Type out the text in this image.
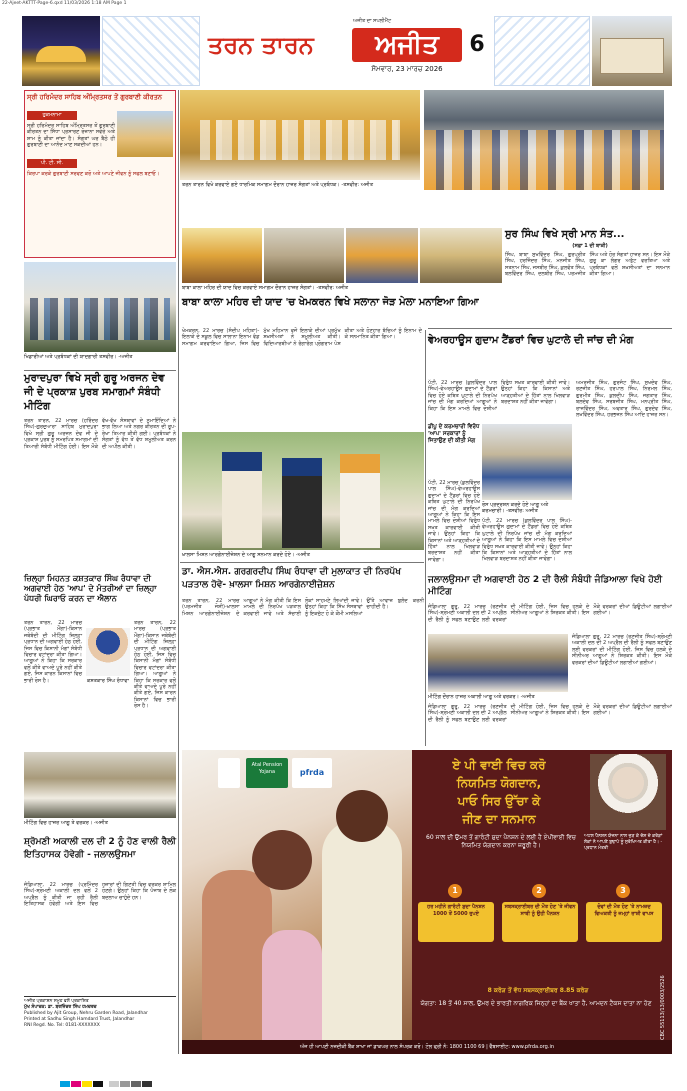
22-Ajeet-AKTTT-Page-6.qxd 11/03/2026 1:18 AM Page 1
ਅਜੀਤ ਦਾ ਸਪਲੀਮੈਂਟ
ਤਰਨ ਤਾਰਨ	ਅਜੀਤ
ਸੋਮਵਾਰ, 23 ਮਾਰਚ 2026
6
ਸ੍ਰੀ ਹਰਿਮੰਦਰ ਸਾਹਿਬ ਅੰਮ੍ਰਿਤਸਰ ਤੋਂ ਗੁਰਬਾਣੀ ਕੀਰਤਨ
ਹੁਕਮਨਾਮਾ
ਪੀ. ਟੀ. ਸੀ.
ਸ੍ਰੀ ਹਰਿਮੰਦਰ ਸਾਹਿਬ ਅੰਮ੍ਰਿਤਸਰ ਤੋਂ ਗੁਰਬਾਣੀ ਕੀਰਤਨ ਦਾ ਸਿੱਧਾ ਪ੍ਰਸਾਰਣ ਰੋਜ਼ਾਨਾ ਸਵੇਰੇ ਅਤੇ ਸ਼ਾਮ ਨੂੰ ਕੀਤਾ ਜਾਂਦਾ ਹੈ। ਸੰਗਤਾਂ ਘਰ ਬੈਠੇ ਹੀ ਗੁਰਬਾਣੀ ਦਾ ਆਨੰਦ ਮਾਣ ਸਕਦੀਆਂ ਹਨ।
ਕਿਰਪਾ ਕਰਕੇ ਗੁਰਬਾਣੀ ਸਰਵਣ ਕਰੋ ਅਤੇ ਆਪਣੇ ਜੀਵਨ ਨੂੰ ਸਫਲ ਬਣਾਓ।
ਤਰਨ ਤਾਰਨ ਵਿਖੇ ਕਰਵਾਏ ਗਏ ਧਾਰਮਿਕ ਸਮਾਗਮ ਦੌਰਾਨ ਹਾਜ਼ਰ ਸੰਗਤਾਂ ਅਤੇ ਪ੍ਰਬੰਧਕ। -ਤਸਵੀਰ: ਅਜੀਤ
ਸੁਰ ਸਿੰਘ ਵਿਖੇ ਸ੍ਰੀ ਮਾਨ ਸੰਤ...
(ਸਫ਼ਾ 1 ਦੀ ਬਾਕੀ)
ਸਿੰਘ, ਬਾਬਾ ਸੁਖਵਿੰਦਰ ਸਿੰਘ, ਗੁਰਪ੍ਰੀਤ ਸਿੰਘ, ਹਰਜਿੰਦਰ ਸਿੰਘ, ਮਨਜੀਤ ਸਿੰਘ, ਸਤਨਾਮ ਸਿੰਘ, ਜਸਬੀਰ ਸਿੰਘ, ਕੁਲਵੰਤ ਸਿੰਘ, ਬਲਵਿੰਦਰ ਸਿੰਘ, ਦਲਬੀਰ ਸਿੰਘ, ਪਰਮਜੀਤ ਸਿੰਘ ਅਤੇ ਹੋਰ ਸੰਗਤਾਂ ਹਾਜ਼ਰ ਸਨ। ਇਸ ਮੌਕੇ ਗੁਰੂ ਕਾ ਲੰਗਰ ਅਤੁੱਟ ਵਰਤਿਆ ਅਤੇ ਪ੍ਰਬੰਧਕਾਂ ਵਲੋਂ ਸ਼ਖ਼ਸੀਅਤਾਂ ਦਾ ਸਨਮਾਨ ਕੀਤਾ ਗਿਆ।
ਬਾਬਾ ਕਾਲਾ ਮਹਿਰ ਦੀ ਯਾਦ ਵਿਚ ਕਰਵਾਏ ਸਮਾਗਮ ਦੌਰਾਨ ਹਾਜ਼ਰ ਸੰਗਤਾਂ। -ਤਸਵੀਰ: ਅਜੀਤ
ਬਾਬਾ ਕਾਲਾ ਮਹਿਰ ਦੀ ਯਾਦ 'ਚ ਖੇਮਕਰਨ ਵਿਖੇ ਸਲਾਨਾ ਜੋੜ ਮੇਲਾ ਮਨਾਇਆ ਗਿਆ
ਖਿਡਾਰੀਆਂ ਅਤੇ ਪ੍ਰਬੰਧਕਾਂ ਦੀ ਯਾਦਗਾਰੀ ਤਸਵੀਰ। -ਅਜੀਤ
ਮੁਰਾਦਪੁਰਾ ਵਿਖੇ ਸ੍ਰੀ ਗੁਰੂ ਅਰਜਨ ਦੇਵ ਜੀ ਦੇ ਪ੍ਰਕਾਸ਼ ਪੁਰਬ ਸਮਾਗਮਾਂ ਸੰਬੰਧੀ ਮੀਟਿੰਗ
ਤਰਨ ਤਾਰਨ, 22 ਮਾਰਚ (ਹਰਿੰਦਰ ਸਿੰਘ)-ਗੁਰਦੁਆਰਾ ਸਾਹਿਬ ਮੁਰਾਦਪੁਰਾ ਵਿਖੇ ਸ੍ਰੀ ਗੁਰੂ ਅਰਜਨ ਦੇਵ ਜੀ ਦੇ ਪ੍ਰਕਾਸ਼ ਪੁਰਬ ਨੂੰ ਸਮਰਪਿਤ ਸਮਾਗਮਾਂ ਦੀ ਤਿਆਰੀ ਸੰਬੰਧੀ ਮੀਟਿੰਗ ਹੋਈ। ਇਸ ਮੌਕੇ ਵੱਖ-ਵੱਖ ਸੰਸਥਾਵਾਂ ਦੇ ਨੁਮਾਇੰਦਿਆਂ ਨੇ ਭਾਗ ਲਿਆ ਅਤੇ ਨਗਰ ਕੀਰਤਨ ਦੀ ਰੂਪ-ਰੇਖਾ ਤਿਆਰ ਕੀਤੀ ਗਈ। ਪ੍ਰਬੰਧਕਾਂ ਨੇ ਸੰਗਤਾਂ ਨੂੰ ਵੱਧ ਤੋਂ ਵੱਧ ਸ਼ਮੂਲੀਅਤ ਕਰਨ ਦੀ ਅਪੀਲ ਕੀਤੀ।
ਜ਼ਿਲ੍ਹਾ ਮਿਹਨਤ ਕਸ਼ਤਕਾਰ ਸਿੰਘ ਰੰਧਾਵਾ ਦੀ ਅਗਵਾਈ ਹੇਠ 'ਆਪ' ਦੇ ਮੰਤਰੀਆਂ ਦਾ ਜ਼ਿਲ੍ਹਾ ਪੱਧਰੀ ਘਿਰਾਓ ਕਰਨ ਦਾ ਐਲਾਨ
ਤਰਨ ਤਾਰਨ, 22 ਮਾਰਚ (ਪ੍ਰਭਾਤ ਮੌਂਗਾ)-ਕਿਸਾਨ ਜਥੇਬੰਦੀ ਦੀ ਮੀਟਿੰਗ ਜ਼ਿਲ੍ਹਾ ਪ੍ਰਧਾਨ ਦੀ ਅਗਵਾਈ ਹੇਠ ਹੋਈ, ਜਿਸ ਵਿਚ ਕਿਸਾਨੀ ਮੰਗਾਂ ਸੰਬੰਧੀ ਵਿਚਾਰ ਵਟਾਂਦਰਾ ਕੀਤਾ ਗਿਆ। ਆਗੂਆਂ ਨੇ ਕਿਹਾ ਕਿ ਸਰਕਾਰ ਵਲੋਂ ਕੀਤੇ ਵਾਅਦੇ ਪੂਰੇ ਨਹੀਂ ਕੀਤੇ ਗਏ, ਜਿਸ ਕਾਰਨ ਕਿਸਾਨਾਂ ਵਿਚ ਭਾਰੀ ਰੋਸ ਹੈ।	ਕਸ਼ਤਕਾਰ ਸਿੰਘ ਰੰਧਾਵਾ
ਤਰਨ ਤਾਰਨ, 22 ਮਾਰਚ (ਪ੍ਰਭਾਤ ਮੌਂਗਾ)-ਕਿਸਾਨ ਜਥੇਬੰਦੀ ਦੀ ਮੀਟਿੰਗ ਜ਼ਿਲ੍ਹਾ ਪ੍ਰਧਾਨ ਦੀ ਅਗਵਾਈ ਹੇਠ ਹੋਈ, ਜਿਸ ਵਿਚ ਕਿਸਾਨੀ ਮੰਗਾਂ ਸੰਬੰਧੀ ਵਿਚਾਰ ਵਟਾਂਦਰਾ ਕੀਤਾ ਗਿਆ। ਆਗੂਆਂ ਨੇ ਕਿਹਾ ਕਿ ਸਰਕਾਰ ਵਲੋਂ ਕੀਤੇ ਵਾਅਦੇ ਪੂਰੇ ਨਹੀਂ ਕੀਤੇ ਗਏ, ਜਿਸ ਕਾਰਨ ਕਿਸਾਨਾਂ ਵਿਚ ਭਾਰੀ ਰੋਸ ਹੈ।
ਖੇਮਕਰਨ, 22 ਮਾਰਚ (ਸੰਦੀਪ ਮਹਿਤਾ)-ਇਲਾਕੇ ਦੇ ਸਕੂਲ ਵਿਚ ਸਾਲਾਨਾ ਇਨਾਮ ਵੰਡ ਸਮਾਗਮ ਕਰਵਾਇਆ ਗਿਆ, ਜਿਸ ਵਿਚ ਮੁੱਖ ਮਹਿਮਾਨ ਵਜੋਂ ਇਲਾਕੇ ਦੀਆਂ ਪ੍ਰਮੁੱਖ ਸ਼ਖ਼ਸੀਅਤਾਂ ਨੇ ਸ਼ਮੂਲੀਅਤ ਕੀਤੀ। ਵਿਦਿਆਰਥੀਆਂ ਨੇ ਰੰਗਾਰੰਗ ਪ੍ਰੋਗਰਾਮ ਪੇਸ਼ ਕੀਤਾ ਅਤੇ ਹੋਣਹਾਰ ਬੱਚਿਆਂ ਨੂੰ ਇਨਾਮ ਦੇ ਕੇ ਸਨਮਾਨਿਤ ਕੀਤਾ ਗਿਆ।
ਖ਼ਾਲਸਾ ਮਿਸ਼ਨ ਆਰਗੇਨਾਈਜ਼ੇਸ਼ਨ ਦੇ ਆਗੂ ਸਨਮਾਨ ਕਰਦੇ ਹੋਏ। -ਅਜੀਤ
ਵੇਅਰਹਾਊਸ ਗੁਦਾਮ ਟੈਂਡਰਾਂ ਵਿਚ ਘੁਟਾਲੇ ਦੀ ਜਾਂਚ ਦੀ ਮੰਗ
ਪੱਟੀ, 22 ਮਾਰਚ (ਕੁਲਵਿੰਦਰ ਪਾਲ ਸਿੰਘ)-ਵੇਅਰਹਾਊਸ ਗੁਦਾਮਾਂ ਦੇ ਟੈਂਡਰਾਂ ਵਿਚ ਹੋਏ ਕਥਿਤ ਘੁਟਾਲੇ ਦੀ ਨਿਰਪੱਖ ਜਾਂਚ ਦੀ ਮੰਗ ਕਰਦਿਆਂ ਆਗੂਆਂ ਨੇ ਕਿਹਾ ਕਿ ਇਸ ਮਾਮਲੇ ਵਿਚ ਦੋਸ਼ੀਆਂ ਵਿਰੁੱਧ ਸਖ਼ਤ ਕਾਰਵਾਈ ਕੀਤੀ ਜਾਵੇ। ਉਨ੍ਹਾਂ ਕਿਹਾ ਕਿ ਕਿਸਾਨਾਂ ਅਤੇ ਆੜ੍ਹਤੀਆਂ ਦੇ ਹਿੱਤਾਂ ਨਾਲ ਖਿਲਵਾੜ ਬਰਦਾਸ਼ਤ ਨਹੀਂ ਕੀਤਾ ਜਾਵੇਗਾ।
ਡੀਪੂ ਦੇ ਕਰਮਚਾਰੀ ਵਿਰੋਧ 'ਆਪ' ਸਰਕਾਰਾਂ ਨੂੰ ਜਿਤਾਉਣ ਦੀ ਕੀਤੀ ਮੰਗ
ਅਮਰਜੀਤ ਸਿੰਘ, ਗੁਰਜੰਟ ਸਿੰਘ, ਸੁਖਦੇਵ ਸਿੰਘ, ਰਣਜੀਤ ਸਿੰਘ, ਹਰਪਾਲ ਸਿੰਘ, ਨਿਰਮਲ ਸਿੰਘ, ਗੁਰਮੀਤ ਸਿੰਘ, ਕੁਲਦੀਪ ਸਿੰਘ, ਜਗਤਾਰ ਸਿੰਘ, ਬਲਦੇਵ ਸਿੰਘ, ਸਰਬਜੀਤ ਸਿੰਘ, ਮਨਪ੍ਰੀਤ ਸਿੰਘ, ਰਾਜਵਿੰਦਰ ਸਿੰਘ, ਅਵਤਾਰ ਸਿੰਘ, ਗੁਰਦੇਵ ਸਿੰਘ, ਲਖਵਿੰਦਰ ਸਿੰਘ, ਹਰਭਜਨ ਸਿੰਘ ਆਦਿ ਹਾਜ਼ਰ ਸਨ।
ਪੱਟੀ, 22 ਮਾਰਚ (ਕੁਲਵਿੰਦਰ ਪਾਲ ਸਿੰਘ)-ਵੇਅਰਹਾਊਸ ਗੁਦਾਮਾਂ ਦੇ ਟੈਂਡਰਾਂ ਵਿਚ ਹੋਏ ਕਥਿਤ ਘੁਟਾਲੇ ਦੀ ਨਿਰਪੱਖ ਜਾਂਚ ਦੀ ਮੰਗ ਕਰਦਿਆਂ ਆਗੂਆਂ ਨੇ ਕਿਹਾ ਕਿ ਇਸ ਮਾਮਲੇ ਵਿਚ ਦੋਸ਼ੀਆਂ ਵਿਰੁੱਧ ਸਖ਼ਤ ਕਾਰਵਾਈ ਕੀਤੀ ਜਾਵੇ। ਉਨ੍ਹਾਂ ਕਿਹਾ ਕਿ ਕਿਸਾਨਾਂ ਅਤੇ ਆੜ੍ਹਤੀਆਂ ਦੇ ਹਿੱਤਾਂ ਨਾਲ ਖਿਲਵਾੜ ਬਰਦਾਸ਼ਤ ਨਹੀਂ ਕੀਤਾ ਜਾਵੇਗਾ।
ਰੋਸ ਪ੍ਰਦਰਸ਼ਨ ਕਰਦੇ ਹੋਏ ਆਗੂ ਅਤੇ ਕਰਮਚਾਰੀ। -ਤਸਵੀਰ: ਅਜੀਤ
ਪੱਟੀ, 22 ਮਾਰਚ (ਕੁਲਵਿੰਦਰ ਪਾਲ ਸਿੰਘ)-ਵੇਅਰਹਾਊਸ ਗੁਦਾਮਾਂ ਦੇ ਟੈਂਡਰਾਂ ਵਿਚ ਹੋਏ ਕਥਿਤ ਘੁਟਾਲੇ ਦੀ ਨਿਰਪੱਖ ਜਾਂਚ ਦੀ ਮੰਗ ਕਰਦਿਆਂ ਆਗੂਆਂ ਨੇ ਕਿਹਾ ਕਿ ਇਸ ਮਾਮਲੇ ਵਿਚ ਦੋਸ਼ੀਆਂ ਵਿਰੁੱਧ ਸਖ਼ਤ ਕਾਰਵਾਈ ਕੀਤੀ ਜਾਵੇ। ਉਨ੍ਹਾਂ ਕਿਹਾ ਕਿ ਕਿਸਾਨਾਂ ਅਤੇ ਆੜ੍ਹਤੀਆਂ ਦੇ ਹਿੱਤਾਂ ਨਾਲ ਖਿਲਵਾੜ ਬਰਦਾਸ਼ਤ ਨਹੀਂ ਕੀਤਾ ਜਾਵੇਗਾ।
ਡਾ. ਐਸ.ਐਸ. ਗਰਗਰਦੀਪ ਸਿੰਘ ਰੰਧਾਵਾ ਦੀ ਮੁਲਾਕਾਤ ਦੀ ਨਿਰਪੱਖ ਪੜਤਾਲ ਹੋਵੇ- ਖ਼ਾਲਸਾ ਮਿਸ਼ਨ ਆਰਗੇਨਾਈਜ਼ੇਸ਼ਨ
ਤਰਨ ਤਾਰਨ, 22 ਮਾਰਚ (ਪਰਮਜੀਤ ਜੋਸ਼ੀ)-ਖ਼ਾਲਸਾ ਮਿਸ਼ਨ ਆਰਗੇਨਾਈਜ਼ੇਸ਼ਨ ਦੇ ਆਗੂਆਂ ਨੇ ਮੰਗ ਕੀਤੀ ਕਿ ਇਸ ਮਾਮਲੇ ਦੀ ਨਿਰਪੱਖ ਪੜਤਾਲ ਕਰਵਾਈ ਜਾਵੇ ਅਤੇ ਸੱਚਾਈ ਲੋਕਾਂ ਸਾਹਮਣੇ ਲਿਆਂਦੀ ਜਾਵੇ। ਉਨ੍ਹਾਂ ਕਿਹਾ ਕਿ ਸਿੱਖ ਸੰਸਥਾਵਾਂ ਨੂੰ ਇਕਜੁੱਟ ਹੋ ਕੇ ਕੌਮੀ ਮਸਲਿਆਂ ਉੱਤੇ ਆਵਾਜ਼ ਬੁਲੰਦ ਕਰਨੀ ਚਾਹੀਦੀ ਹੈ।
ਜਲਾਲਉਸਮਾ ਦੀ ਅਗਵਾਈ ਹੇਠ 2 ਦੀ ਰੈਲੀ ਸੰਬੰਧੀ ਜੰਡਿਆਲਾ ਵਿਖੇ ਹੋਈ ਮੀਟਿੰਗ
ਜੰਡਿਆਲਾ ਗੁਰੂ, 22 ਮਾਰਚ (ਰਣਜੀਤ ਸਿੰਘ)-ਸ਼੍ਰੋਮਣੀ ਅਕਾਲੀ ਦਲ ਦੀ 2 ਅਪ੍ਰੈਲ ਦੀ ਰੈਲੀ ਨੂੰ ਸਫਲ ਬਣਾਉਣ ਲਈ ਵਰਕਰਾਂ ਦੀ ਮੀਟਿੰਗ ਹੋਈ, ਜਿਸ ਵਿਚ ਹਲਕੇ ਦੇ ਸੀਨੀਅਰ ਆਗੂਆਂ ਨੇ ਸ਼ਿਰਕਤ ਕੀਤੀ। ਇਸ ਮੌਕੇ ਵਰਕਰਾਂ ਦੀਆਂ ਡਿਊਟੀਆਂ ਲਗਾਈਆਂ ਗਈਆਂ।
ਜੰਡਿਆਲਾ ਗੁਰੂ, 22 ਮਾਰਚ (ਰਣਜੀਤ ਸਿੰਘ)-ਸ਼੍ਰੋਮਣੀ ਅਕਾਲੀ ਦਲ ਦੀ 2 ਅਪ੍ਰੈਲ ਦੀ ਰੈਲੀ ਨੂੰ ਸਫਲ ਬਣਾਉਣ ਲਈ ਵਰਕਰਾਂ ਦੀ ਮੀਟਿੰਗ ਹੋਈ, ਜਿਸ ਵਿਚ ਹਲਕੇ ਦੇ ਸੀਨੀਅਰ ਆਗੂਆਂ ਨੇ ਸ਼ਿਰਕਤ ਕੀਤੀ। ਇਸ ਮੌਕੇ ਵਰਕਰਾਂ ਦੀਆਂ ਡਿਊਟੀਆਂ ਲਗਾਈਆਂ ਗਈਆਂ।
ਮੀਟਿੰਗ ਦੌਰਾਨ ਹਾਜ਼ਰ ਅਕਾਲੀ ਆਗੂ ਅਤੇ ਵਰਕਰ। -ਅਜੀਤ
ਜੰਡਿਆਲਾ ਗੁਰੂ, 22 ਮਾਰਚ (ਰਣਜੀਤ ਸਿੰਘ)-ਸ਼੍ਰੋਮਣੀ ਅਕਾਲੀ ਦਲ ਦੀ 2 ਅਪ੍ਰੈਲ ਦੀ ਰੈਲੀ ਨੂੰ ਸਫਲ ਬਣਾਉਣ ਲਈ ਵਰਕਰਾਂ ਦੀ ਮੀਟਿੰਗ ਹੋਈ, ਜਿਸ ਵਿਚ ਹਲਕੇ ਦੇ ਸੀਨੀਅਰ ਆਗੂਆਂ ਨੇ ਸ਼ਿਰਕਤ ਕੀਤੀ। ਇਸ ਮੌਕੇ ਵਰਕਰਾਂ ਦੀਆਂ ਡਿਊਟੀਆਂ ਲਗਾਈਆਂ ਗਈਆਂ।
ਮੀਟਿੰਗ ਵਿਚ ਹਾਜ਼ਰ ਆਗੂ ਤੇ ਵਰਕਰ। -ਅਜੀਤ
ਸ਼੍ਰੋਮਣੀ ਅਕਾਲੀ ਦਲ ਦੀ 2 ਨੂੰ ਹੋਣ ਵਾਲੀ ਰੈਲੀ ਇਤਿਹਾਸਕ ਹੋਵੇਗੀ - ਜਲਾਲਉਸਮਾ
ਜੰਡਿਆਲਾ, 22 ਮਾਰਚ (ਪ੍ਰਮਿੰਦਰ ਸਿੰਘ)-ਸ਼੍ਰੋਮਣੀ ਅਕਾਲੀ ਦਲ ਵਲੋਂ 2 ਅਪ੍ਰੈਲ ਨੂੰ ਕੀਤੀ ਜਾ ਰਹੀ ਰੈਲੀ ਇਤਿਹਾਸਕ ਹੋਵੇਗੀ ਅਤੇ ਇਸ ਵਿਚ ਹਜ਼ਾਰਾਂ ਦੀ ਗਿਣਤੀ ਵਿਚ ਵਰਕਰ ਸ਼ਾਮਿਲ ਹੋਣਗੇ। ਉਨ੍ਹਾਂ ਕਿਹਾ ਕਿ ਪੰਜਾਬ ਦੇ ਲੋਕ ਬਦਲਾਅ ਚਾਹੁੰਦੇ ਹਨ।
ਅਜੀਤ ਪ੍ਰਕਾਸ਼ਨ ਸਮੂਹ ਵਲੋਂ ਪ੍ਰਕਾਸ਼ਿਤ
ਮੁੱਖ ਸੰਪਾਦਕ: ਡਾ. ਬਰਜਿੰਦਰ ਸਿੰਘ ਹਮਦਰਦ
Published by Ajit Group, Nehru Garden Road, Jalandhar
Printed at Sadhu Singh Hamdard Trust, Jalandhar
RNI Regd. No. Tel: 0181-XXXXXXX
Atal Pension Yojana	pfrda
ਏ ਪੀ ਵਾਈ ਵਿਚ ਕਰੋ
ਨਿਯਮਿਤ ਯੋਗਦਾਨ,
ਪਾਓ ਸਿਰ ਉੱਚਾ ਕੇ
ਜੀਣ ਦਾ ਸਨਮਾਨ
ਅਟਲ ਪੈਨਸ਼ਨ ਯੋਜਨਾ ਨਾਲ ਜੁੜ ਕੇ ਦੇਸ਼ ਦੇ ਕਰੋੜਾਂ ਲੋਕਾਂ ਨੇ ਆਪਣੇ ਬੁਢਾਪੇ ਨੂੰ ਸੁਰੱਖਿਅਤ ਕੀਤਾ ਹੈ। - ਪ੍ਰਧਾਨ ਮੰਤਰੀ
60 ਸਾਲ ਦੀ ਉਮਰ ਤੋਂ ਗਾਰੰਟੀ ਸ਼ੁਦਾ ਪੈਨਸ਼ਨ ਦੇ ਲਈ ਹੈ ਏਪੀਵਾਈ ਵਿਚ ਨਿਯਮਿਤ ਯੋਗਦਾਨ ਕਰਨਾ ਜ਼ਰੂਰੀ ਹੈ।
1
ਹਰ ਮਹੀਨੇ ਗਾਰੰਟੀ ਸ਼ੁਦਾ ਪੈਨਸ਼ਨ 1000 ਤੋਂ 5000 ਰੁਪਏ
2
ਸਬਸਕ੍ਰਾਈਬਰ ਦੀ ਮੌਤ ਹੋਣ 'ਤੇ ਜੀਵਨ ਸਾਥੀ ਨੂੰ ਉਹੀ ਪੈਨਸ਼ਨ
3
ਦੋਵਾਂ ਦੀ ਮੌਤ ਹੋਣ 'ਤੇ ਨਾਮਜ਼ਦ ਵਿਅਕਤੀ ਨੂੰ ਜਮ੍ਹਾਂ ਰਾਸ਼ੀ ਵਾਪਸ
8 ਕਰੋੜ ਤੋਂ ਵੱਧ ਸਬਸਕ੍ਰਾਈਬਰ 8.85 ਕਰੋੜ
ਯੋਗਤਾ: 18 ਤੋਂ 40 ਸਾਲ, ਉਮਰ ਦੇ ਭਾਰਤੀ ਨਾਗਰਿਕ ਜਿਨ੍ਹਾਂ ਦਾ ਬੈਂਕ ਖਾਤਾ ਹੈ, ਆਮਦਨ ਟੈਕਸ ਦਾਤਾ ਨਾ ਹੋਣ
ਅੱਜ ਹੀ ਆਪਣੀ ਨਜ਼ਦੀਕੀ ਬੈਂਕ ਸ਼ਾਖਾ ਜਾਂ ਡਾਕਘਰ ਨਾਲ ਸੰਪਰਕ ਕਰੋ। ਟੋਲ ਫ੍ਰੀ ਨੰ: 1800 1100 69 | ਵੈੱਬਸਾਈਟ: www.pfrda.org.in
CBC 55113/13/0003/2526
